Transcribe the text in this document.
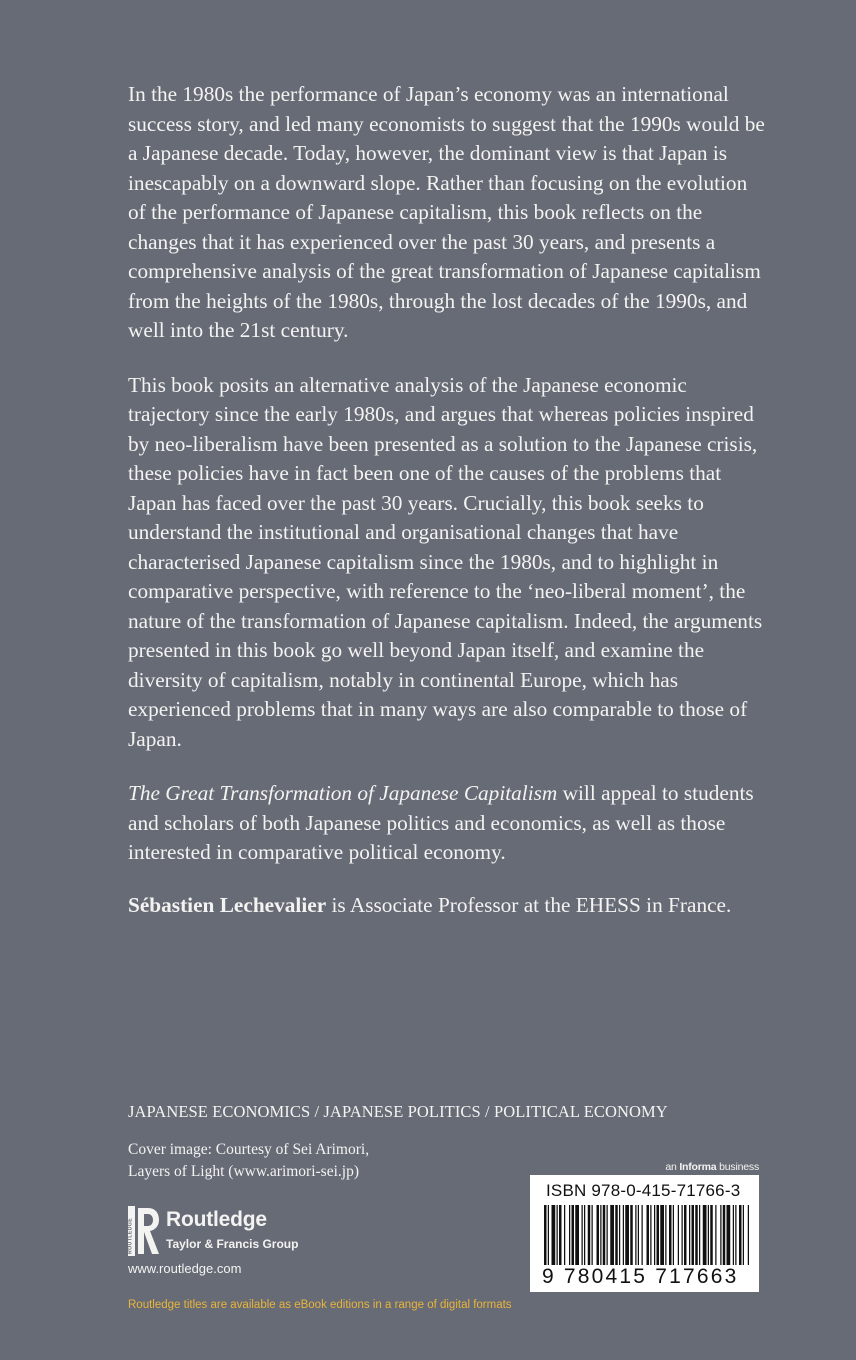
In the 1980s the performance of Japan’s economy was an international success story, and led many economists to suggest that the 1990s would be a Japanese decade. Today, however, the dominant view is that Japan is inescapably on a downward slope. Rather than focusing on the evolution of the performance of Japanese capitalism, this book reflects on the changes that it has experienced over the past 30 years, and presents a comprehensive analysis of the great transformation of Japanese capitalism from the heights of the 1980s, through the lost decades of the 1990s, and well into the 21st century.

This book posits an alternative analysis of the Japanese economic trajectory since the early 1980s, and argues that whereas policies inspired by neo-liberalism have been presented as a solution to the Japanese crisis, these policies have in fact been one of the causes of the problems that Japan has faced over the past 30 years. Crucially, this book seeks to understand the institutional and organisational changes that have characterised Japanese capitalism since the 1980s, and to highlight in comparative perspective, with reference to the ‘neo-liberal moment’, the nature of the transformation of Japanese capitalism. Indeed, the arguments presented in this book go well beyond Japan itself, and examine the diversity of capitalism, notably in continental Europe, which has experienced problems that in many ways are also comparable to those of Japan.

The Great Transformation of Japanese Capitalism will appeal to students and scholars of both Japanese politics and economics, as well as those interested in comparative political economy.

Sébastien Lechevalier is Associate Professor at the EHESS in France.

JAPANESE ECONOMICS / JAPANESE POLITICS / POLITICAL ECONOMY
Cover image: Courtesy of Sei Arimori,
Layers of Light (www.arimori-sei.jp)
ROUTLEDGE Routledge
Taylor & Francis Group
www.routledge.com
an Informa business
ISBN 978-0-415-71766-3
9 780415 717663
Routledge titles are available as eBook editions in a range of digital formats
